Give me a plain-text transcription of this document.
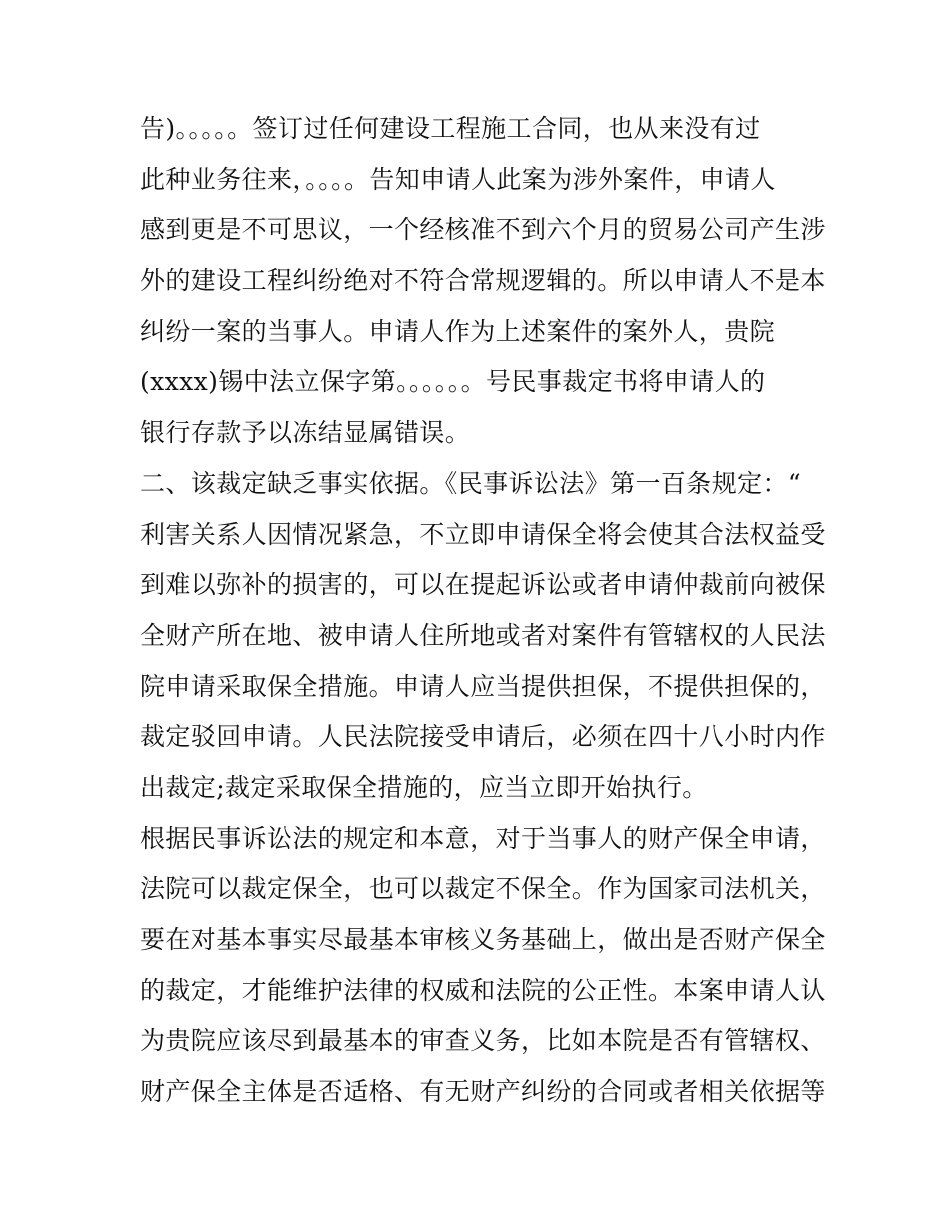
告)。。。。。签订过任何建设工程施工合同，也从来没有过
此种业务往来，。。。。告知申请人此案为涉外案件，申请人
感到更是不可思议，一个经核准不到六个月的贸易公司产生涉
外的建设工程纠纷绝对不符合常规逻辑的。所以申请人不是本
纠纷一案的当事人。申请人作为上述案件的案外人，贵院
(xxxx)锡中法立保字第。。。。。。号民事裁定书将申请人的
银行存款予以冻结显属错误。
二、该裁定缺乏事实依据。《民事诉讼法》第一百条规定：“
利害关系人因情况紧急，不立即申请保全将会使其合法权益受
到难以弥补的损害的，可以在提起诉讼或者申请仲裁前向被保
全财产所在地、被申请人住所地或者对案件有管辖权的人民法
院申请采取保全措施。申请人应当提供担保，不提供担保的，
裁定驳回申请。人民法院接受申请后，必须在四十八小时内作
出裁定;裁定采取保全措施的，应当立即开始执行。
根据民事诉讼法的规定和本意，对于当事人的财产保全申请，
法院可以裁定保全，也可以裁定不保全。作为国家司法机关，
要在对基本事实尽最基本审核义务基础上，做出是否财产保全
的裁定，才能维护法律的权威和法院的公正性。本案申请人认
为贵院应该尽到最基本的审查义务，比如本院是否有管辖权、
财产保全主体是否适格、有无财产纠纷的合同或者相关依据等
